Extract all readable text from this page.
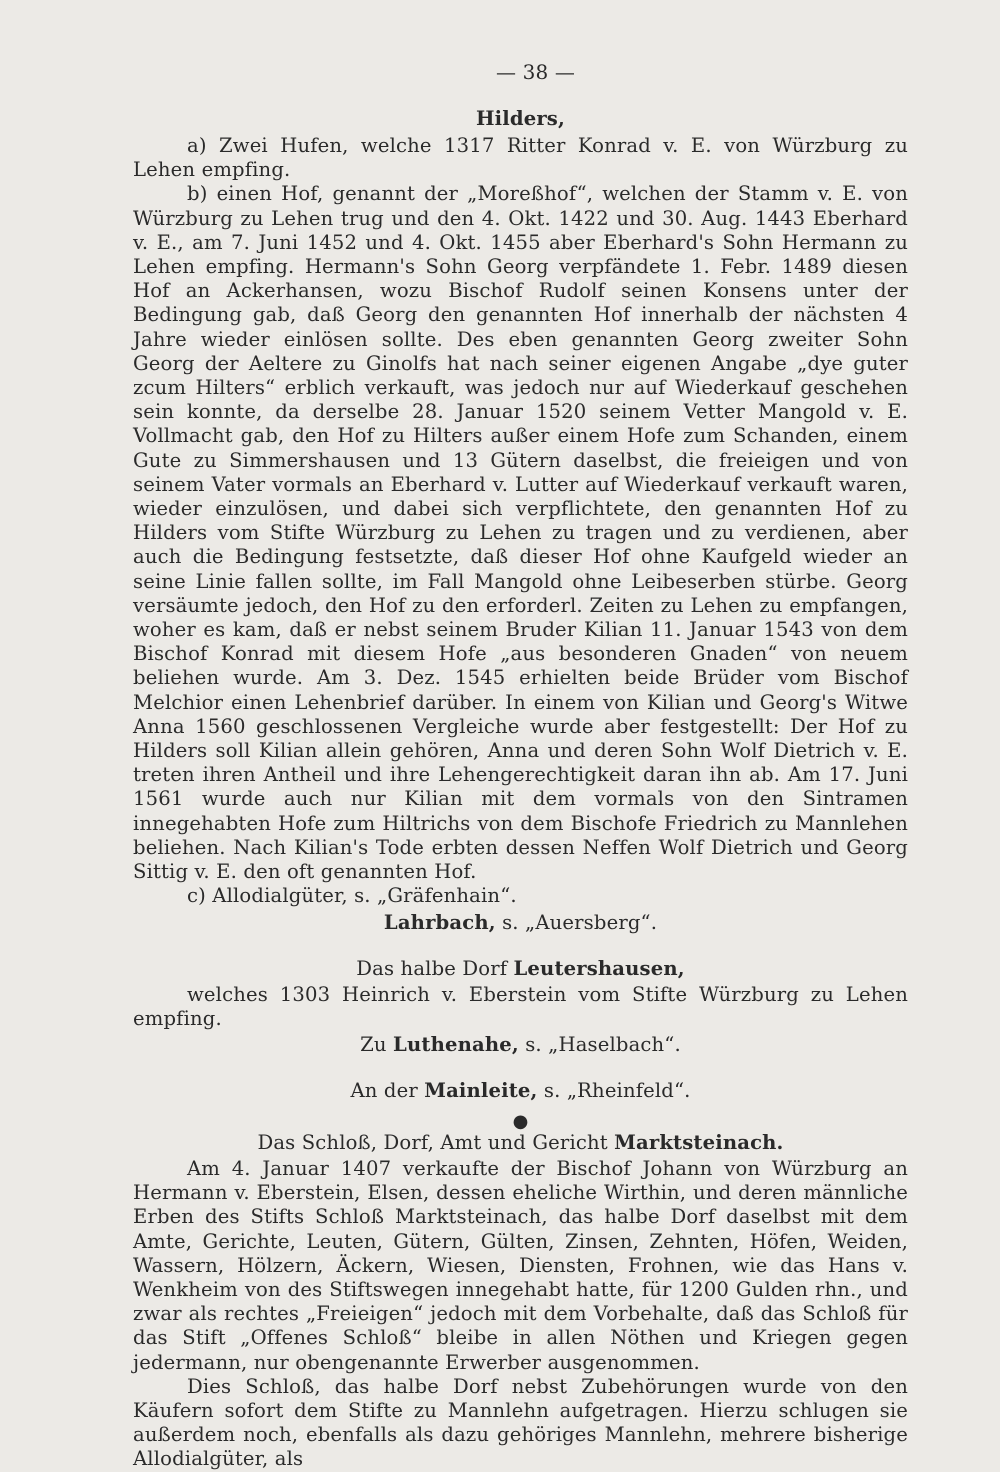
— 38 —
Hilders,

a) Zwei Hufen, welche 1317 Ritter Konrad v. E. von Würzburg zu Lehen empfing.

b) einen Hof, genannt der „Moreßhof“, welchen der Stamm v. E. von Würzburg zu Lehen trug und den 4. Okt. 1422 und 30. Aug. 1443 Eberhard v. E., am 7. Juni 1452 und 4. Okt. 1455 aber Eberhard's Sohn Hermann zu Lehen empfing. Hermann's Sohn Georg verpfändete 1. Febr. 1489 diesen Hof an Ackerhansen, wozu Bischof Rudolf seinen Konsens unter der Bedingung gab, daß Georg den genannten Hof innerhalb der nächsten 4 Jahre wieder einlösen sollte. Des eben genannten Georg zweiter Sohn Georg der Aeltere zu Ginolfs hat nach seiner eigenen Angabe „dye guter zcum Hilters“ erblich verkauft, was jedoch nur auf Wiederkauf geschehen sein konnte, da derselbe 28. Januar 1520 seinem Vetter Mangold v. E. Vollmacht gab, den Hof zu Hilters außer einem Hofe zum Schanden, einem Gute zu Simmershausen und 13 Gütern daselbst, die freieigen und von seinem Vater vormals an Eberhard v. Lutter auf Wiederkauf verkauft waren, wieder einzulösen, und dabei sich verpflichtete, den genannten Hof zu Hilders vom Stifte Würzburg zu Lehen zu tragen und zu verdienen, aber auch die Bedingung festsetzte, daß dieser Hof ohne Kaufgeld wieder an seine Linie fallen sollte, im Fall Mangold ohne Leibeserben stürbe. Georg versäumte jedoch, den Hof zu den erforderl. Zeiten zu Lehen zu empfangen, woher es kam, daß er nebst seinem Bruder Kilian 11. Januar 1543 von dem Bischof Konrad mit diesem Hofe „aus besonderen Gnaden“ von neuem beliehen wurde. Am 3. Dez. 1545 erhielten beide Brüder vom Bischof Melchior einen Lehenbrief darüber. In einem von Kilian und Georg's Witwe Anna 1560 geschlossenen Vergleiche wurde aber festgestellt: Der Hof zu Hilders soll Kilian allein gehören, Anna und deren Sohn Wolf Dietrich v. E. treten ihren Antheil und ihre Lehengerechtigkeit daran ihn ab. Am 17. Juni 1561 wurde auch nur Kilian mit dem vormals von den Sintramen innegehabten Hofe zum Hiltrichs von dem Bischofe Friedrich zu Mannlehen beliehen. Nach Kilian's Tode erbten dessen Neffen Wolf Dietrich und Georg Sittig v. E. den oft genannten Hof.

c) Allodialgüter, s. „Gräfenhain“.

Lahrbach, s. „Auersberg“.
Das halbe Dorf Leutershausen,

welches 1303 Heinrich v. Eberstein vom Stifte Würzburg zu Lehen empfing.

Zu Luthenahe, s. „Haselbach“.
An der Mainleite, s. „Rheinfeld“.
●
Das Schloß, Dorf, Amt und Gericht Marktsteinach.

Am 4. Januar 1407 verkaufte der Bischof Johann von Würzburg an Hermann v. Eberstein, Elsen, dessen eheliche Wirthin, und deren männliche Erben des Stifts Schloß Marktsteinach, das halbe Dorf daselbst mit dem Amte, Gerichte, Leuten, Gütern, Gülten, Zinsen, Zehnten, Höfen, Weiden, Wassern, Hölzern, Äckern, Wiesen, Diensten, Frohnen, wie das Hans v. Wenkheim von des Stiftswegen innegehabt hatte, für 1200 Gulden rhn., und zwar als rechtes „Freieigen“ jedoch mit dem Vorbehalte, daß das Schloß für das Stift „Offenes Schloß“ bleibe in allen Nöthen und Kriegen gegen jedermann, nur obengenannte Erwerber ausgenommen.

Dies Schloß, das halbe Dorf nebst Zubehörungen wurde von den Käufern sofort dem Stifte zu Mannlehn aufgetragen. Hierzu schlugen sie außerdem noch, ebenfalls als dazu gehöriges Mannlehn, mehrere bisherige Allodialgüter, als
